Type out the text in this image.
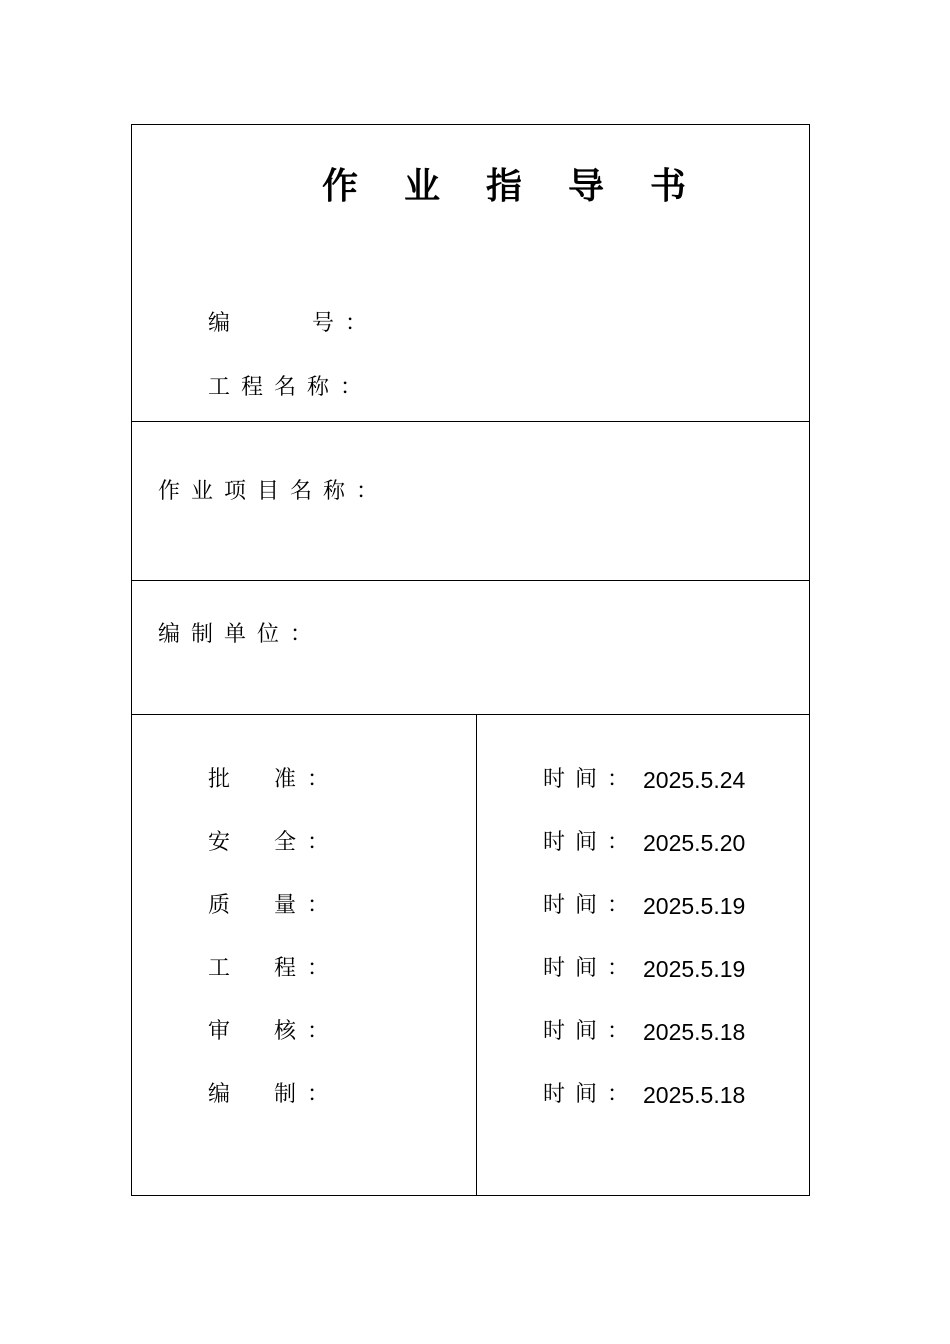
作业指导书
编	号：
工程名称：
作业项目名称：
编制单位：
批 准：	时间： 2025.5.24
安 全：	时间： 2025.5.20
质 量：	时间： 2025.5.19
工 程：	时间： 2025.5.19
审 核：	时间： 2025.5.18
编 制：	时间： 2025.5.18
